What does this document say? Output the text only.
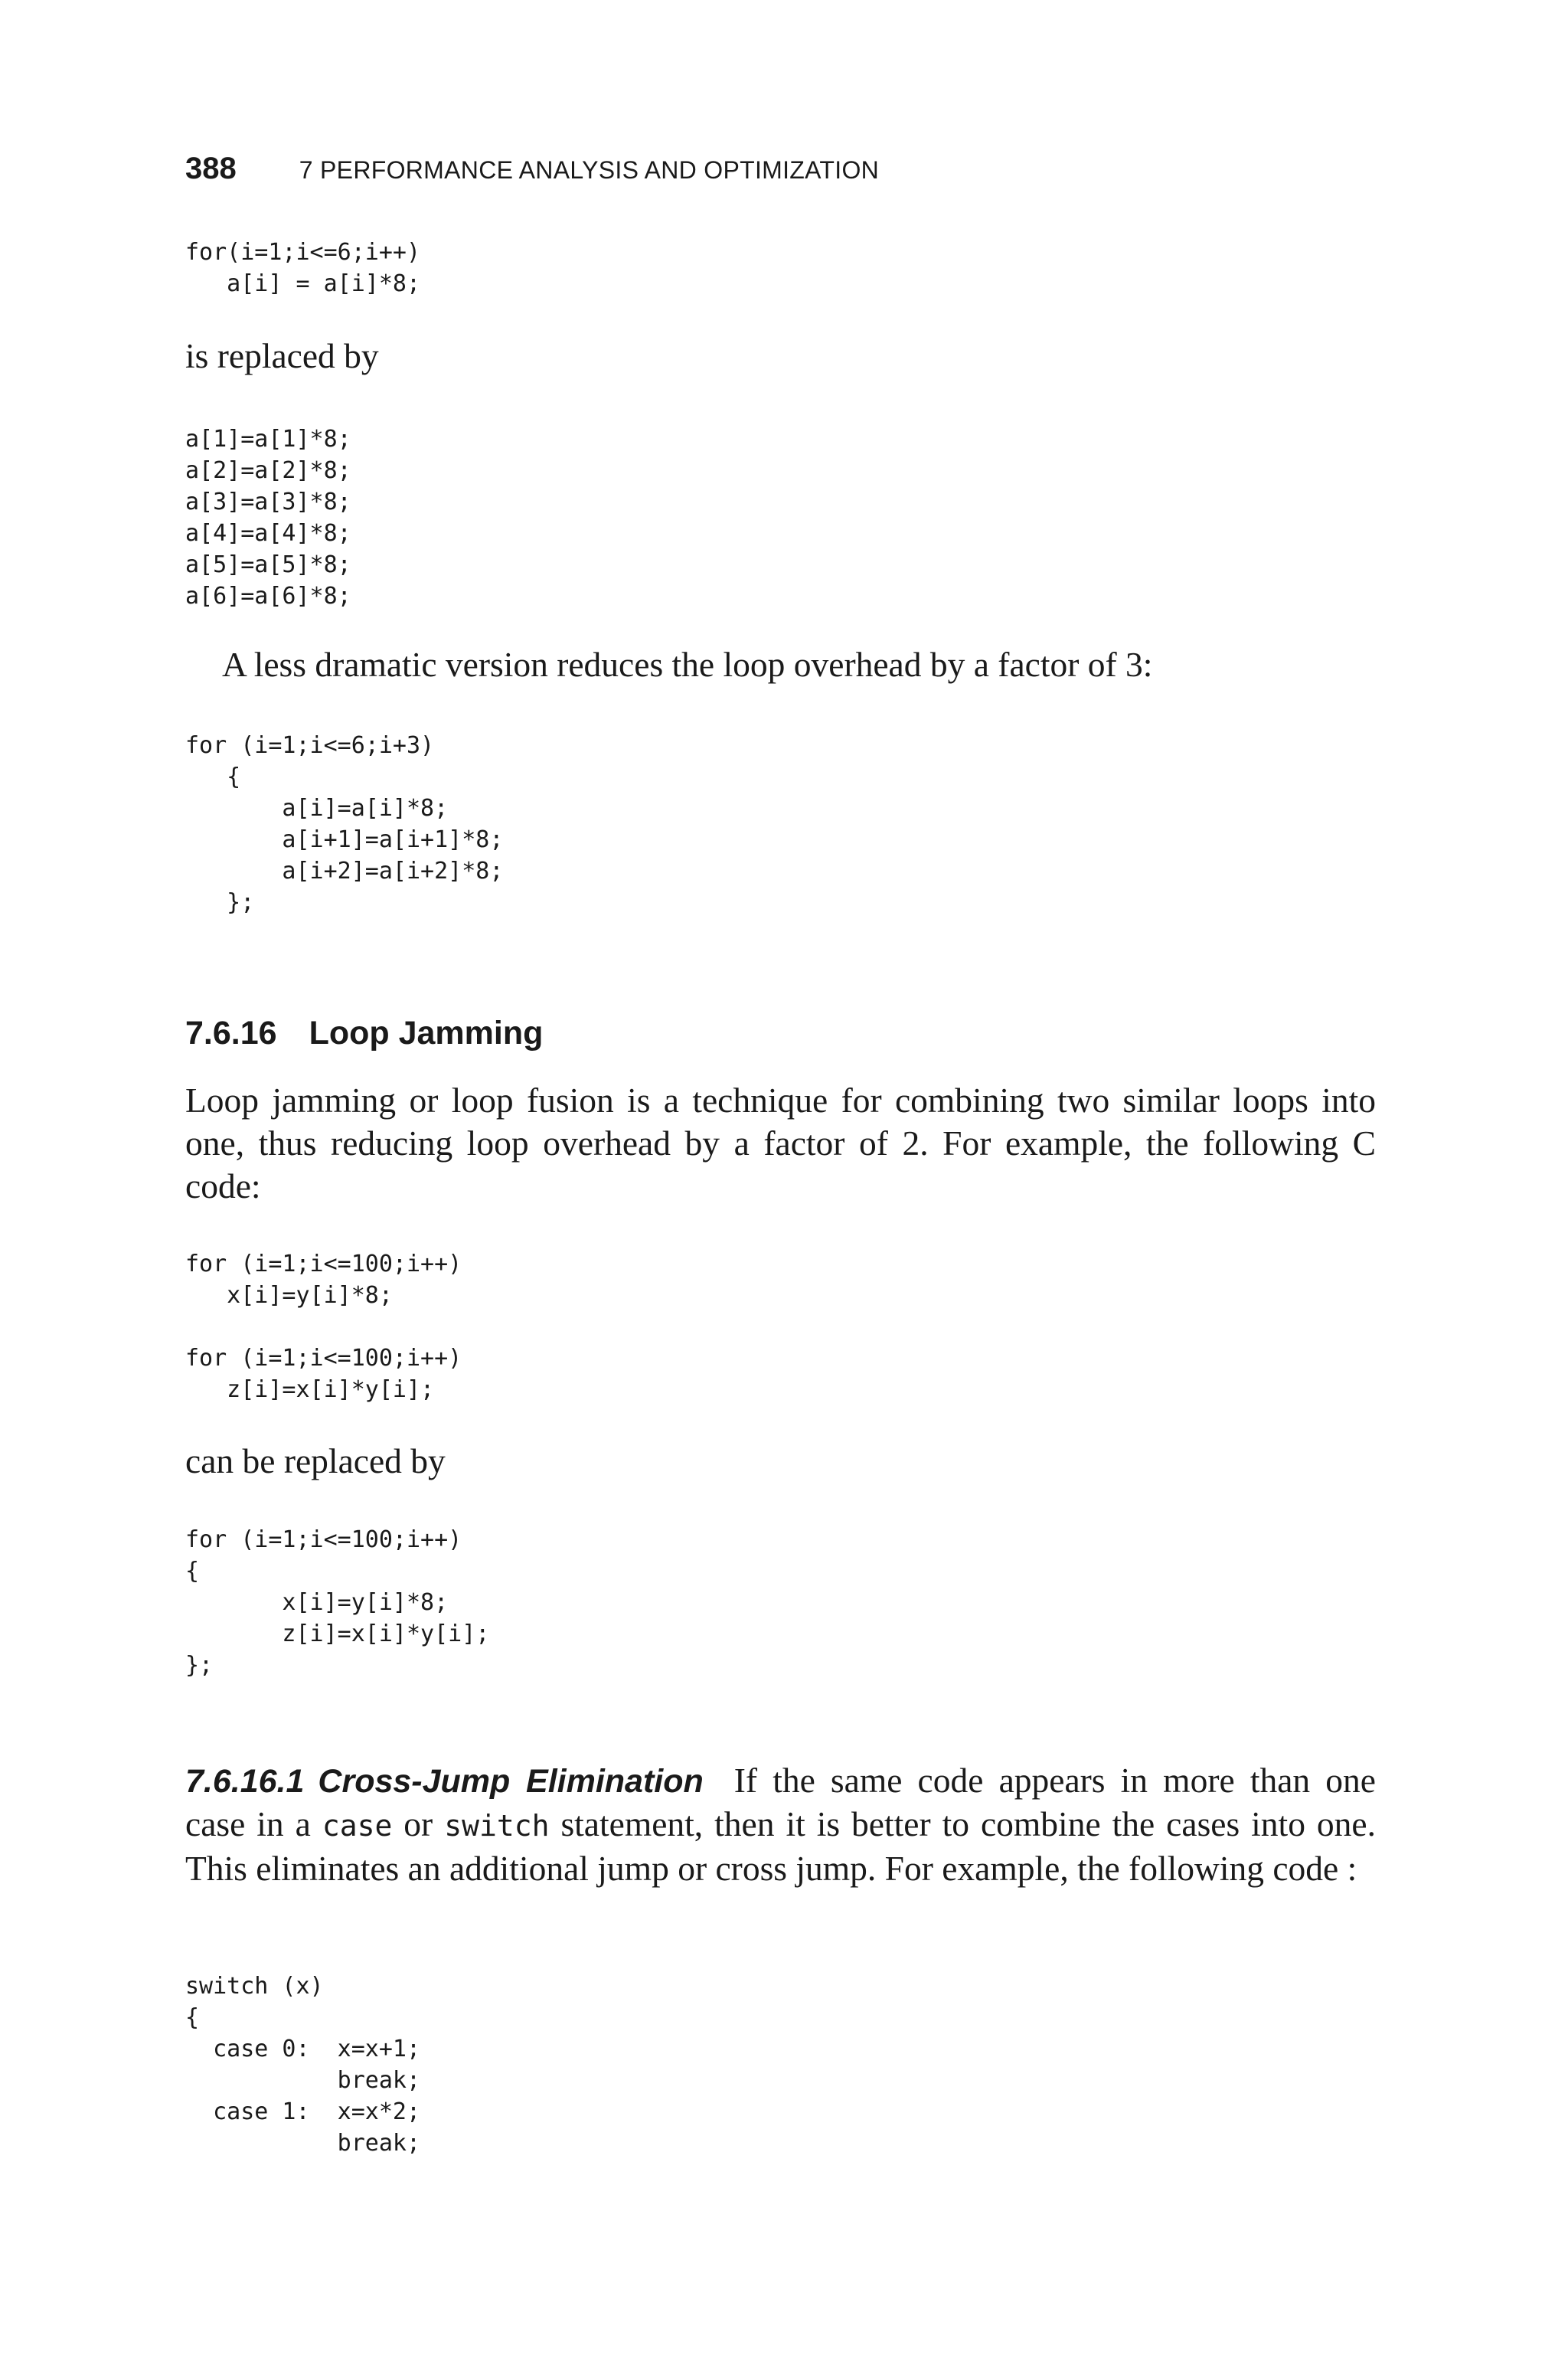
388	7 PERFORMANCE ANALYSIS AND OPTIMIZATION
for(i=1;i<=6;i++)
a[i] = a[i]*8;

is replaced by

a[1]=a[1]*8;
a[2]=a[2]*8;
a[3]=a[3]*8;
a[4]=a[4]*8;
a[5]=a[5]*8;
a[6]=a[6]*8;

A less dramatic version reduces the loop overhead by a factor of 3:

for (i=1;i<=6;i+3)
{
a[i]=a[i]*8;
a[i+1]=a[i+1]*8;
a[i+2]=a[i+2]*8;
};
7.6.16 Loop Jamming

Loop jamming or loop fusion is a technique for combining two similar loops into one, thus reducing loop overhead by a factor of 2. For example, the following C code:

for (i=1;i<=100;i++)
x[i]=y[i]*8;

for (i=1;i<=100;i++)
z[i]=x[i]*y[i];

can be replaced by

for (i=1;i<=100;i++)
{
x[i]=y[i]*8;
z[i]=x[i]*y[i];
};

7.6.16.1 Cross-Jump Elimination If the same code appears in more than one case in a case or switch statement, then it is better to combine the cases into one. This eliminates an additional jump or cross jump. For example, the following code :

switch (x)
{
case 0:  x=x+1;
break;
case 1:  x=x*2;
break;
